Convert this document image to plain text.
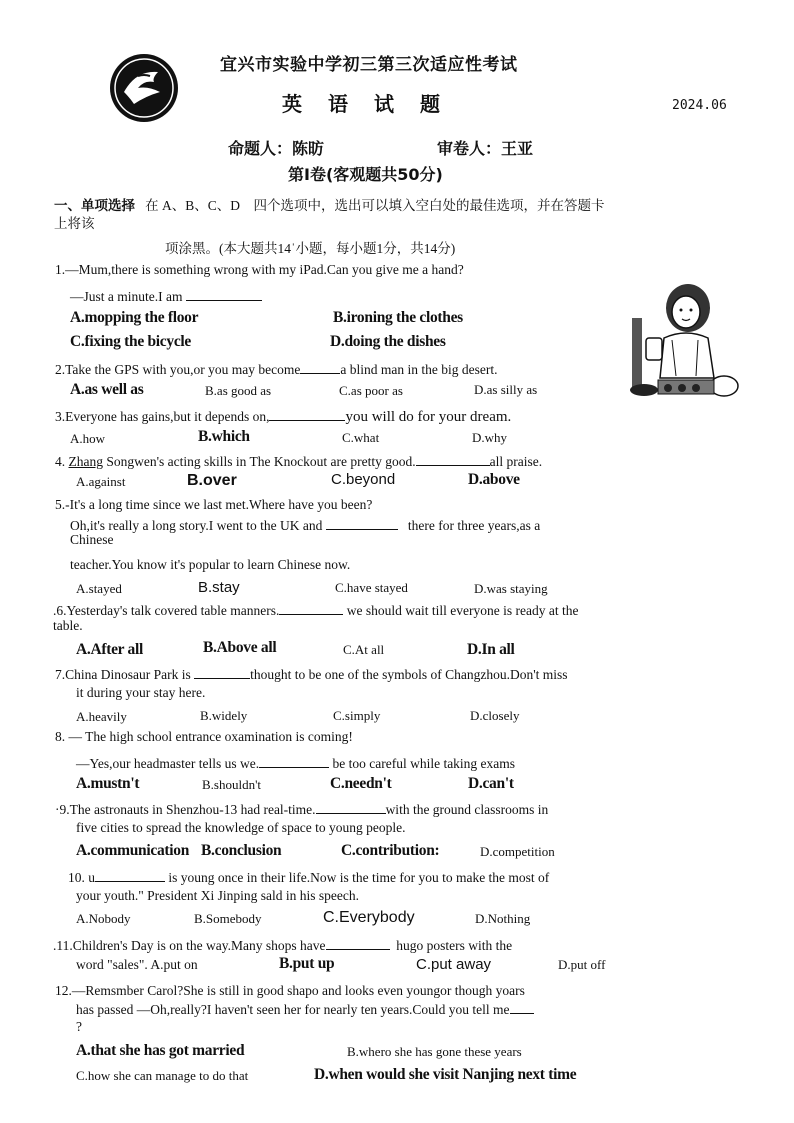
宜兴市实验中学初三第三次适应性考试
英语试题	2024.06
命题人：陈昉	审卷人：王亚
第I卷(客观题共50分)
一、单项选择 在 A、B、C、D　四个选项中，选出可以填入空白处的最佳选项，并在答题卡
上将该
项涂黑。(本大题共14ˈ小题，每小题1分，共14分)
1.—Mum,there is something wrong with my iPad.Can you give me a hand?
—Just a minute.I am
A.mopping the floor	B.ironing the clothes
C.fixing the bicycle	D.doing the dishes
2.Take the GPS with you,or you may become	a blind man in the big desert.
A.as well as	B.as good as	C.as poor as	D.as silly as
3.Everyone has gains,but it depends on,	you will do for your dream.
A.how	B.which	C.what	D.why
4. Zhang Songwen's acting skills in The Knockout are pretty good.	all praise.
A.against	B.over	C.beyond	D.above
5.-It's a long time since we last met.Where have you been?
Oh,it's really a long story.I went to the UK and	there for three years,as a
Chinese
teacher.You know it's popular to learn Chinese now.
A.stayed	B.stay	C.have stayed	D.was staying
.6.Yesterday's talk covered table manners.	we should wait till everyone is ready at the
table.
A.After all	B.Above all	C.At all	D.In all
7.China Dinosaur Park is	thought to be one of the symbols of Changzhou.Don't miss
it during your stay here.
A.heavily	B.widely	C.simply	D.closely
8. — The high school entrance oxamination is coming!
—Yes,our headmaster tells us we.	be too careful while taking exams
A.mustn't	B.shouldn't	C.needn't	D.can't
·9.The astronauts in Shenzhou-13 had real-time.	with the ground classrooms in
five cities to spread the knowledge of space to young people.
A.communication B.conclusion	C.contribution:	D.competition
10. u	is young once in their life.Now is the time for you to make the most of
your youth." President Xi Jinping sald in his speech.
A.Nobody	B.Somebody	C.Everybody	D.Nothing
.11.Children's Day is on the way.Many shops have	hugo posters with the
word "sales". A.put on	B.put up	C.put away	D.put off
12.—Remsmber Carol?She is still in good shapo and looks even youngor though yoars
has passed —Oh,really?I haven't seen her for nearly ten years.Could you tell me
?
A.that she has got married	B.whero she has gone these years
C.how she can manage to do that	D.when would she visit Nanjing next time
